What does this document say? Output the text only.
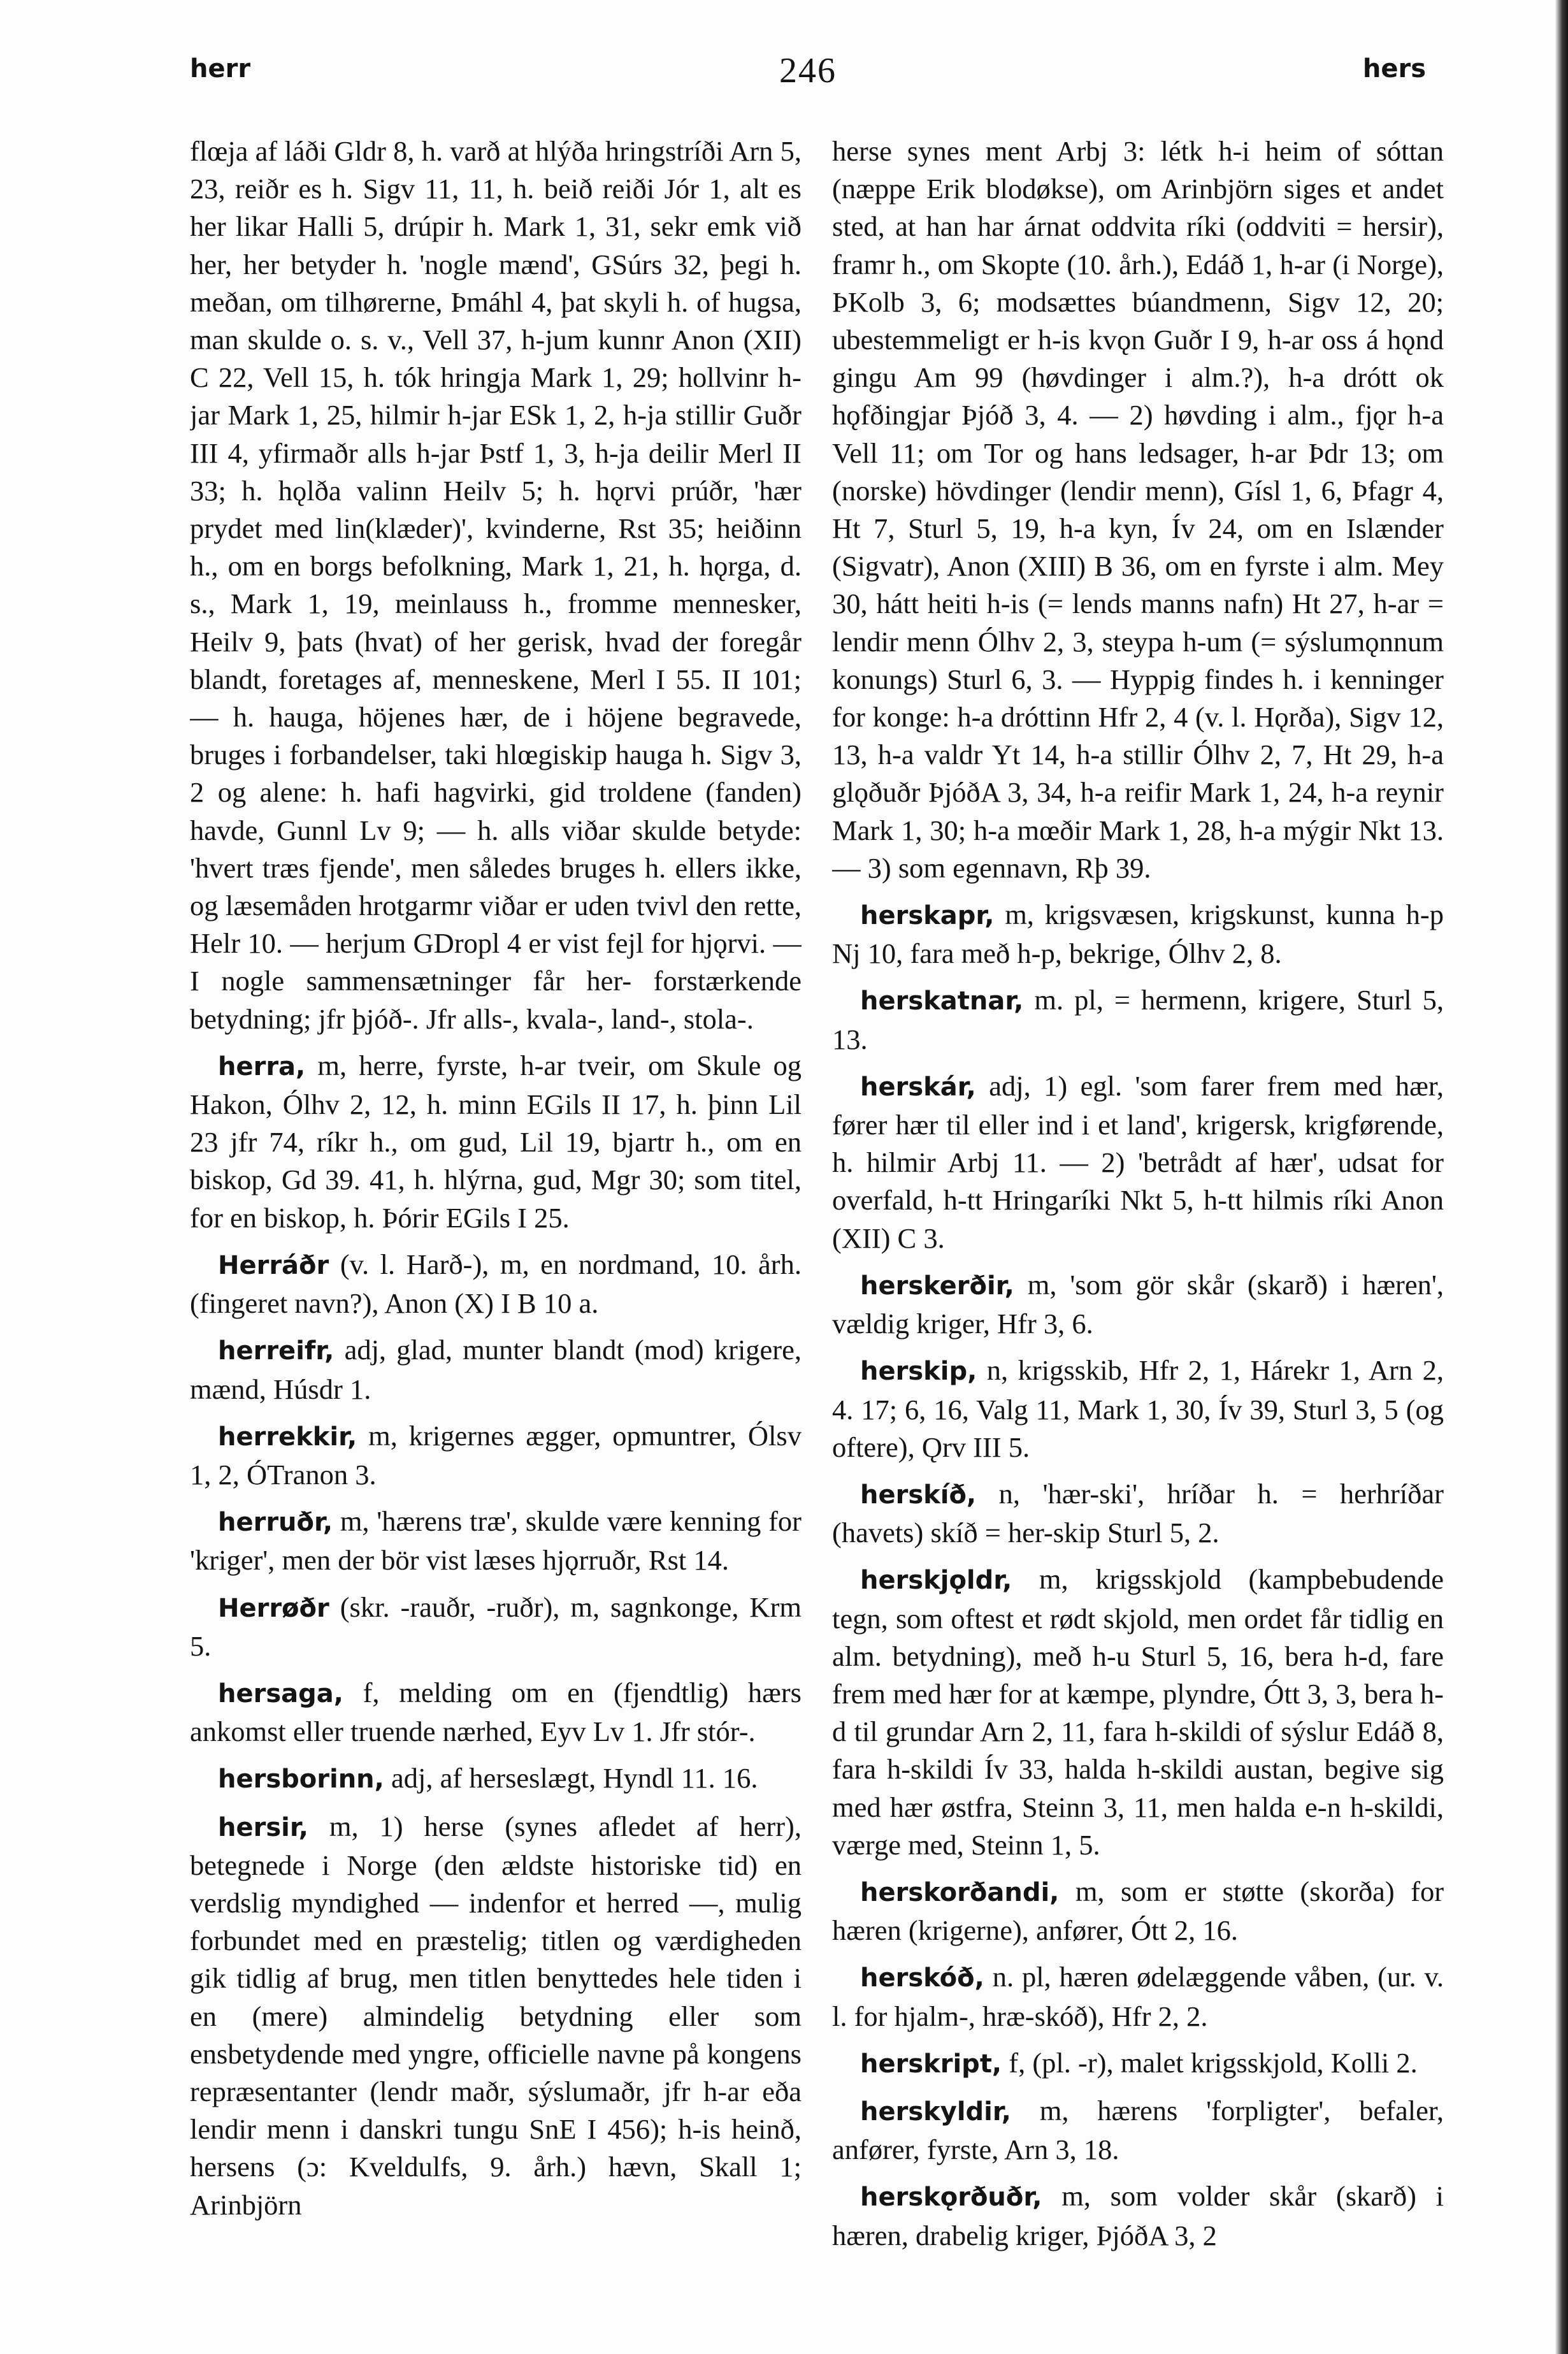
herr	246	hers

flœja af láði Gldr 8, h. varð at hlýða hringstríði Arn 5, 23, reiðr es h. Sigv 11, 11, h. beið reiði Jór 1, alt es her likar Halli 5, drúpir h. Mark 1, 31, sekr emk við her, her betyder h. 'nogle mænd', GSúrs 32, þegi h. meðan, om tilhørerne, Þmáhl 4, þat skyli h. of hugsa, man skulde o. s. v., Vell 37, h-jum kunnr Anon (XII) C 22, Vell 15, h. tók hringja Mark 1, 29; hollvinr h-jar Mark 1, 25, hilmir h-jar ESk 1, 2, h-ja stillir Guðr III 4, yfirmaðr alls h-jar Þstf 1, 3, h-ja deilir Merl II 33; h. hǫlða valinn Heilv 5; h. hǫrvi prúðr, 'hær prydet med lin(klæder)', kvinderne, Rst 35; heiðinn h., om en borgs befolkning, Mark 1, 21, h. hǫrga, d. s., Mark 1, 19, meinlauss h., fromme mennesker, Heilv 9, þats (hvat) of her gerisk, hvad der foregår blandt, foretages af, menneskene, Merl I 55. II 101; — h. hauga, höjenes hær, de i höjene begravede, bruges i forbandelser, taki hlœgiskip hauga h. Sigv 3, 2 og alene: h. hafi hagvirki, gid troldene (fanden) havde, Gunnl Lv 9; — h. alls viðar skulde betyde: 'hvert træs fjende', men således bruges h. ellers ikke, og læsemåden hrotgarmr viðar er uden tvivl den rette, Helr 10. — herjum GDropl 4 er vist fejl for hjǫrvi. — I nogle sammensætninger får her- forstærkende betydning; jfr þjóð-. Jfr alls-, kvala-, land-, stola-.

herra, m, herre, fyrste, h-ar tveir, om Skule og Hakon, Ólhv 2, 12, h. minn EGils II 17, h. þinn Lil 23 jfr 74, ríkr h., om gud, Lil 19, bjartr h., om en biskop, Gd 39. 41, h. hlýrna, gud, Mgr 30; som titel, for en biskop, h. Þórir EGils I 25.

Herráðr (v. l. Harð-), m, en nordmand, 10. årh. (fingeret navn?), Anon (X) I B 10 a.

herreifr, adj, glad, munter blandt (mod) krigere, mænd, Húsdr 1.

herrekkir, m, krigernes ægger, opmuntrer, Ólsv 1, 2, ÓTranon 3.

herruðr, m, 'hærens træ', skulde være kenning for 'kriger', men der bör vist læses hjǫrruðr, Rst 14.

Herrøðr (skr. -rauðr, -ruðr), m, sagnkonge, Krm 5.

hersaga, f, melding om en (fjendtlig) hærs ankomst eller truende nærhed, Eyv Lv 1. Jfr stór-.

hersborinn, adj, af herseslægt, Hyndl 11. 16.

hersir, m, 1) herse (synes afledet af herr), betegnede i Norge (den ældste historiske tid) en verdslig myndighed — indenfor et herred —, mulig forbundet med en præstelig; titlen og værdigheden gik tidlig af brug, men titlen benyttedes hele tiden i en (mere) almindelig betydning eller som ensbetydende med yngre, officielle navne på kongens repræsentanter (lendr maðr, sýslumaðr, jfr h-ar eða lendir menn i danskri tungu SnE I 456); h-is heinð, hersens (ɔ: Kveldulfs, 9. årh.) hævn, Skall 1; Arinbjörn

herse synes ment Arbj 3: létk h-i heim of sóttan (næppe Erik blodøkse), om Arinbjörn siges et andet sted, at han har árnat oddvita ríki (oddviti = hersir), framr h., om Skopte (10. årh.), Edáð 1, h-ar (i Norge), ÞKolb 3, 6; modsættes búandmenn, Sigv 12, 20; ubestemmeligt er h-is kvǫn Guðr I 9, h-ar oss á hǫnd gingu Am 99 (høvdinger i alm.?), h-a drótt ok hǫfðingjar Þjóð 3, 4. — 2) høvding i alm., fjǫr h-a Vell 11; om Tor og hans ledsager, h-ar Þdr 13; om (norske) hövdinger (lendir menn), Gísl 1, 6, Þfagr 4, Ht 7, Sturl 5, 19, h-a kyn, Ív 24, om en Islænder (Sigvatr), Anon (XIII) B 36, om en fyrste i alm. Mey 30, hátt heiti h-is (= lends manns nafn) Ht 27, h-ar = lendir menn Ólhv 2, 3, steypa h-um (= sýslumǫnnum konungs) Sturl 6, 3. — Hyppig findes h. i kenninger for konge: h-a dróttinn Hfr 2, 4 (v. l. Hǫrða), Sigv 12, 13, h-a valdr Yt 14, h-a stillir Ólhv 2, 7, Ht 29, h-a glǫðuðr ÞjóðA 3, 34, h-a reifir Mark 1, 24, h-a reynir Mark 1, 30; h-a mœðir Mark 1, 28, h-a mýgir Nkt 13. — 3) som egennavn, Rþ 39.

herskapr, m, krigsvæsen, krigskunst, kunna h-p Nj 10, fara með h-p, bekrige, Ólhv 2, 8.

herskatnar, m. pl, = hermenn, krigere, Sturl 5, 13.

herskár, adj, 1) egl. 'som farer frem med hær, fører hær til eller ind i et land', krigersk, krigførende, h. hilmir Arbj 11. — 2) 'betrådt af hær', udsat for overfald, h-tt Hringaríki Nkt 5, h-tt hilmis ríki Anon (XII) C 3.

herskerðir, m, 'som gör skår (skarð) i hæren', vældig kriger, Hfr 3, 6.

herskip, n, krigsskib, Hfr 2, 1, Hárekr 1, Arn 2, 4. 17; 6, 16, Valg 11, Mark 1, 30, Ív 39, Sturl 3, 5 (og oftere), Ǫrv III 5.

herskíð, n, 'hær-ski', hríðar h. = herhríðar (havets) skíð = her-skip Sturl 5, 2.

herskjǫldr, m, krigsskjold (kampbebudende tegn, som oftest et rødt skjold, men ordet får tidlig en alm. betydning), með h-u Sturl 5, 16, bera h-d, fare frem med hær for at kæmpe, plyndre, Ótt 3, 3, bera h-d til grundar Arn 2, 11, fara h-skildi of sýslur Edáð 8, fara h-skildi Ív 33, halda h-skildi austan, begive sig med hær østfra, Steinn 3, 11, men halda e-n h-skildi, værge med, Steinn 1, 5.

herskorðandi, m, som er støtte (skorða) for hæren (krigerne), anfører, Ótt 2, 16.

herskóð, n. pl, hæren ødelæggende våben, (ur. v. l. for hjalm-, hræ-skóð), Hfr 2, 2.

herskript, f, (pl. -r), malet krigsskjold, Kolli 2.

herskyldir, m, hærens 'forpligter', befaler, anfører, fyrste, Arn 3, 18.

herskǫrðuðr, m, som volder skår (skarð) i hæren, drabelig kriger, ÞjóðA 3, 2
